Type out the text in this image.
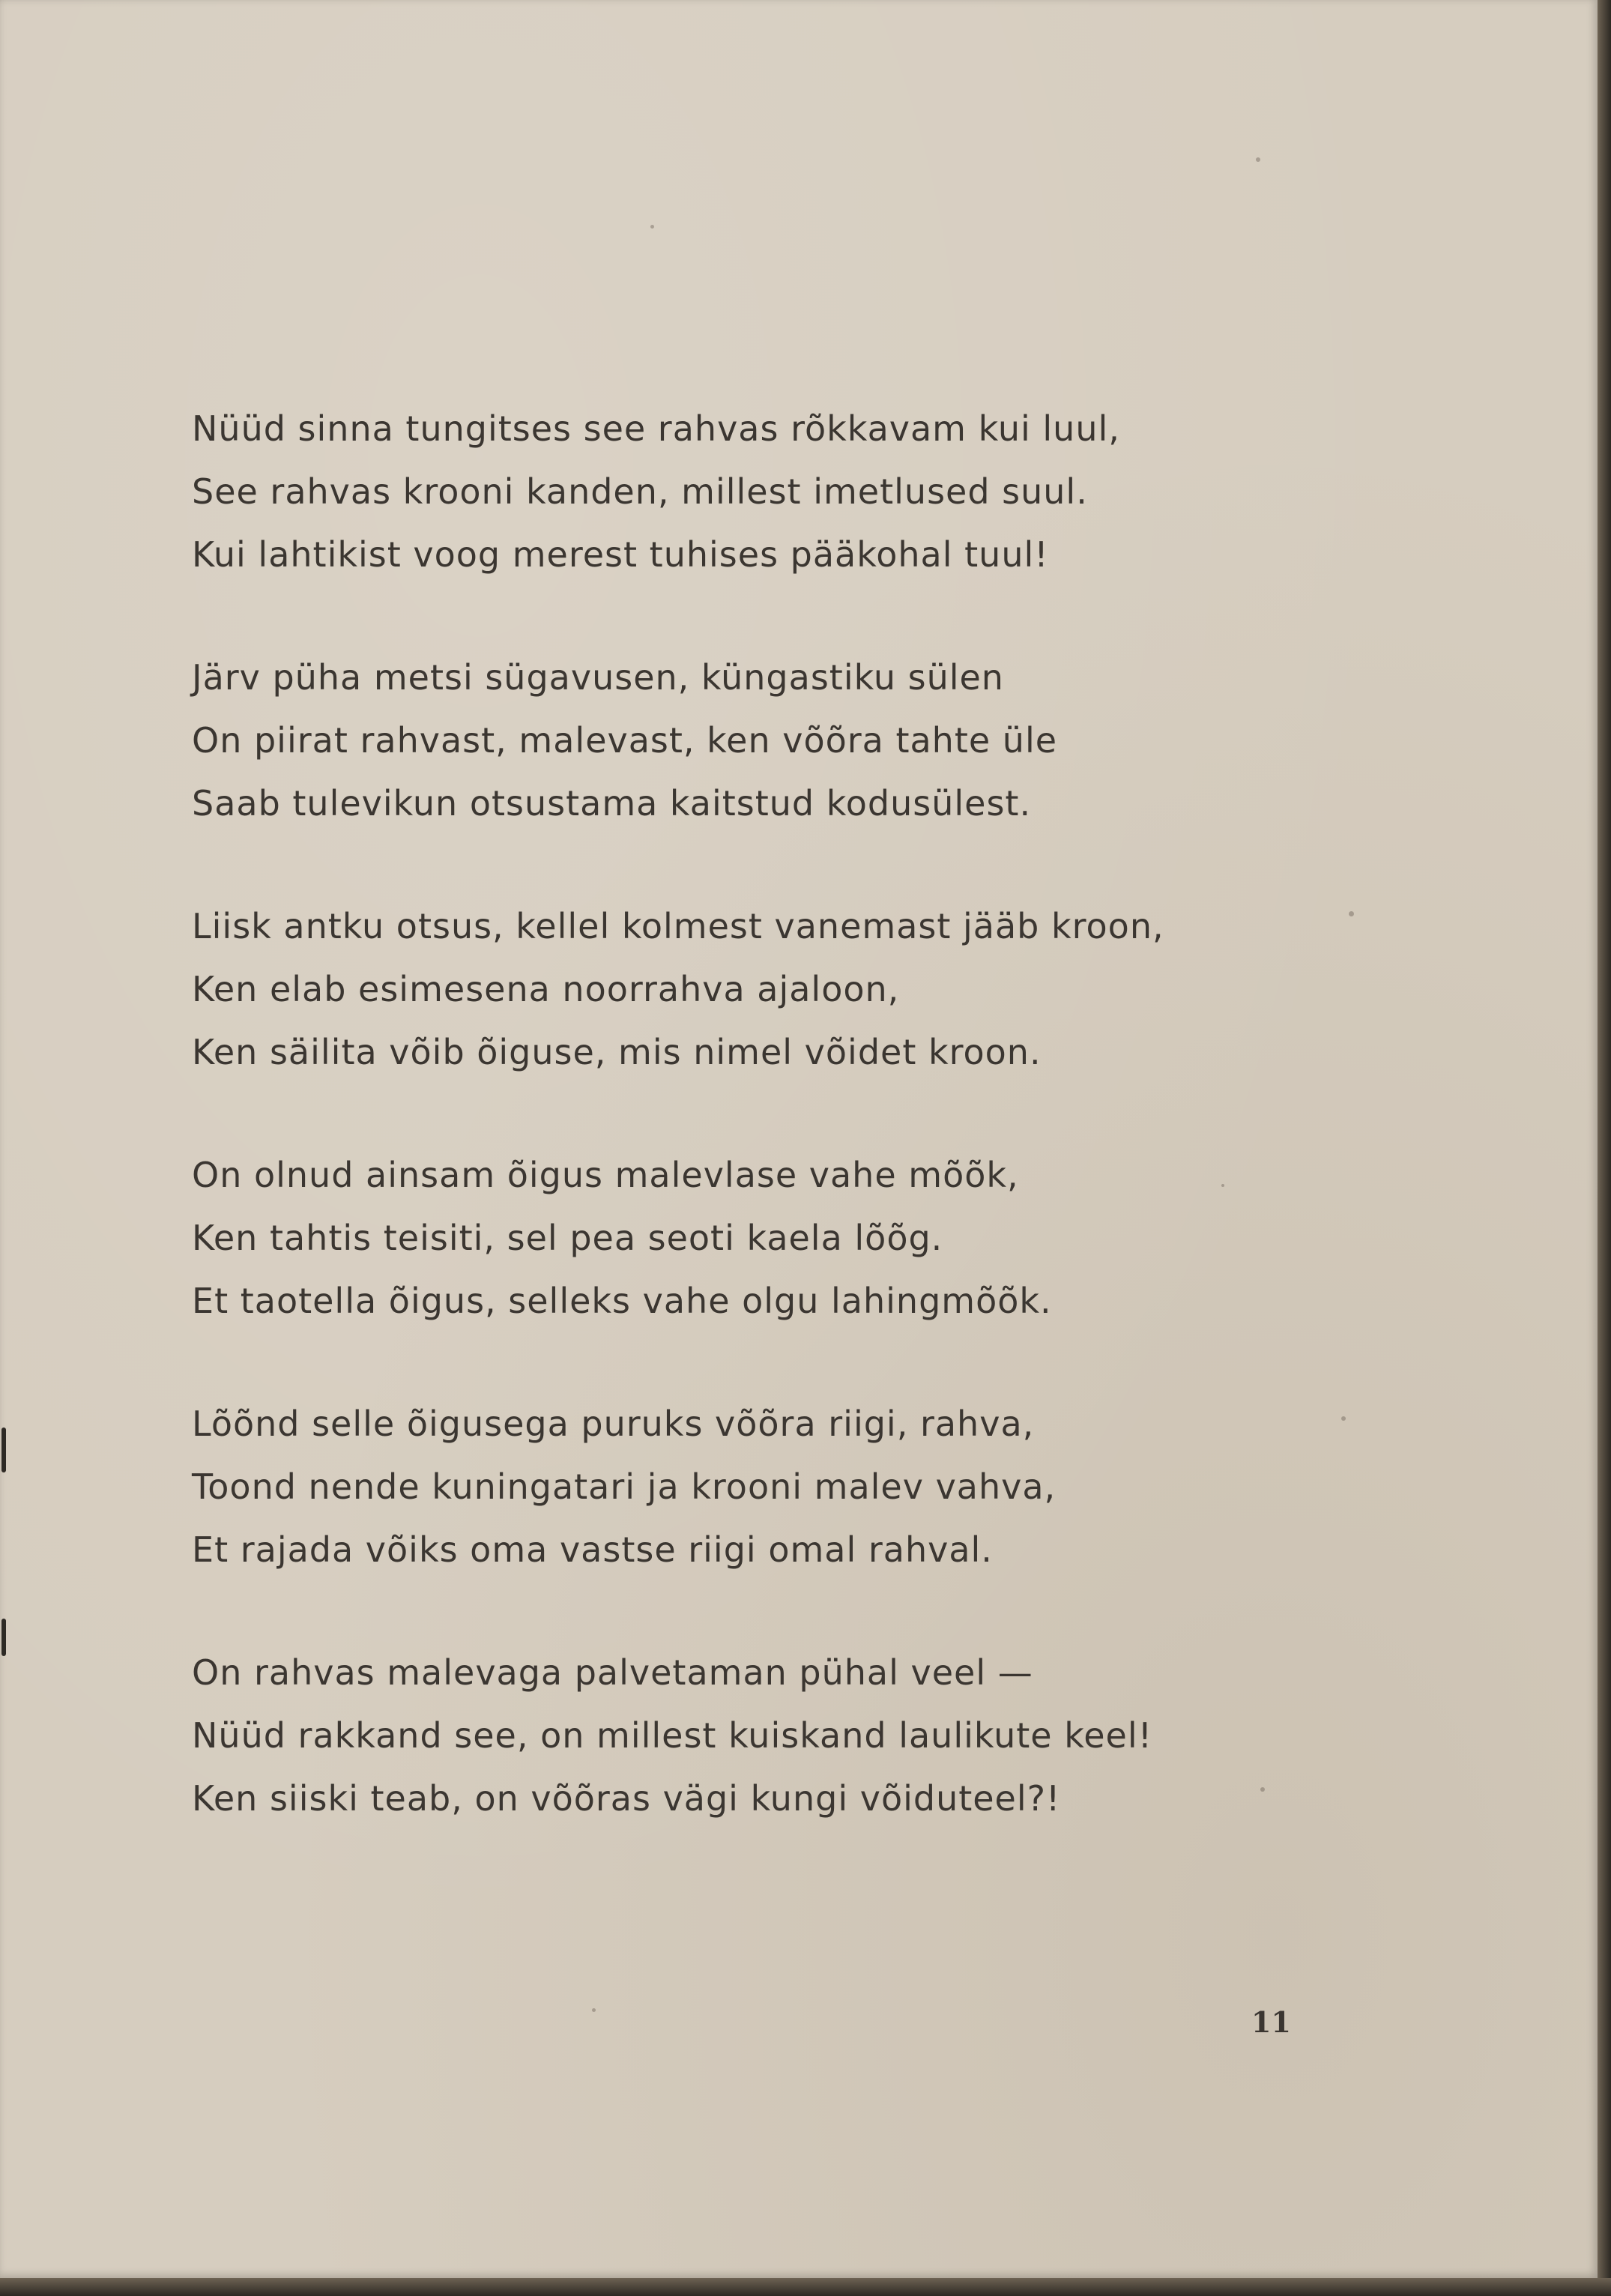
Nüüd sinna tungitses see rahvas rõkkavam kui luul,
See rahvas krooni kanden, millest imetlused suul.
Kui lahtikist voog merest tuhises pääkohal tuul!
Järv püha metsi sügavusen, küngastiku sülen
On piirat rahvast, malevast, ken võõra tahte üle
Saab tulevikun otsustama kaitstud kodusülest.
Liisk antku otsus, kellel kolmest vanemast jääb kroon,
Ken elab esimesena noorrahva ajaloon,
Ken säilita võib õiguse, mis nimel võidet kroon.
On olnud ainsam õigus malevlase vahe mõõk,
Ken tahtis teisiti, sel pea seoti kaela lõõg.
Et taotella õigus, selleks vahe olgu lahingmõõk.
Lõõnd selle õigusega puruks võõra riigi, rahva,
Toond nende kuningatari ja krooni malev vahva,
Et rajada võiks oma vastse riigi omal rahval.
On rahvas malevaga palvetaman pühal veel —
Nüüd rakkand see, on millest kuiskand laulikute keel!
Ken siiski teab, on võõras vägi kungi võiduteel?!
11
